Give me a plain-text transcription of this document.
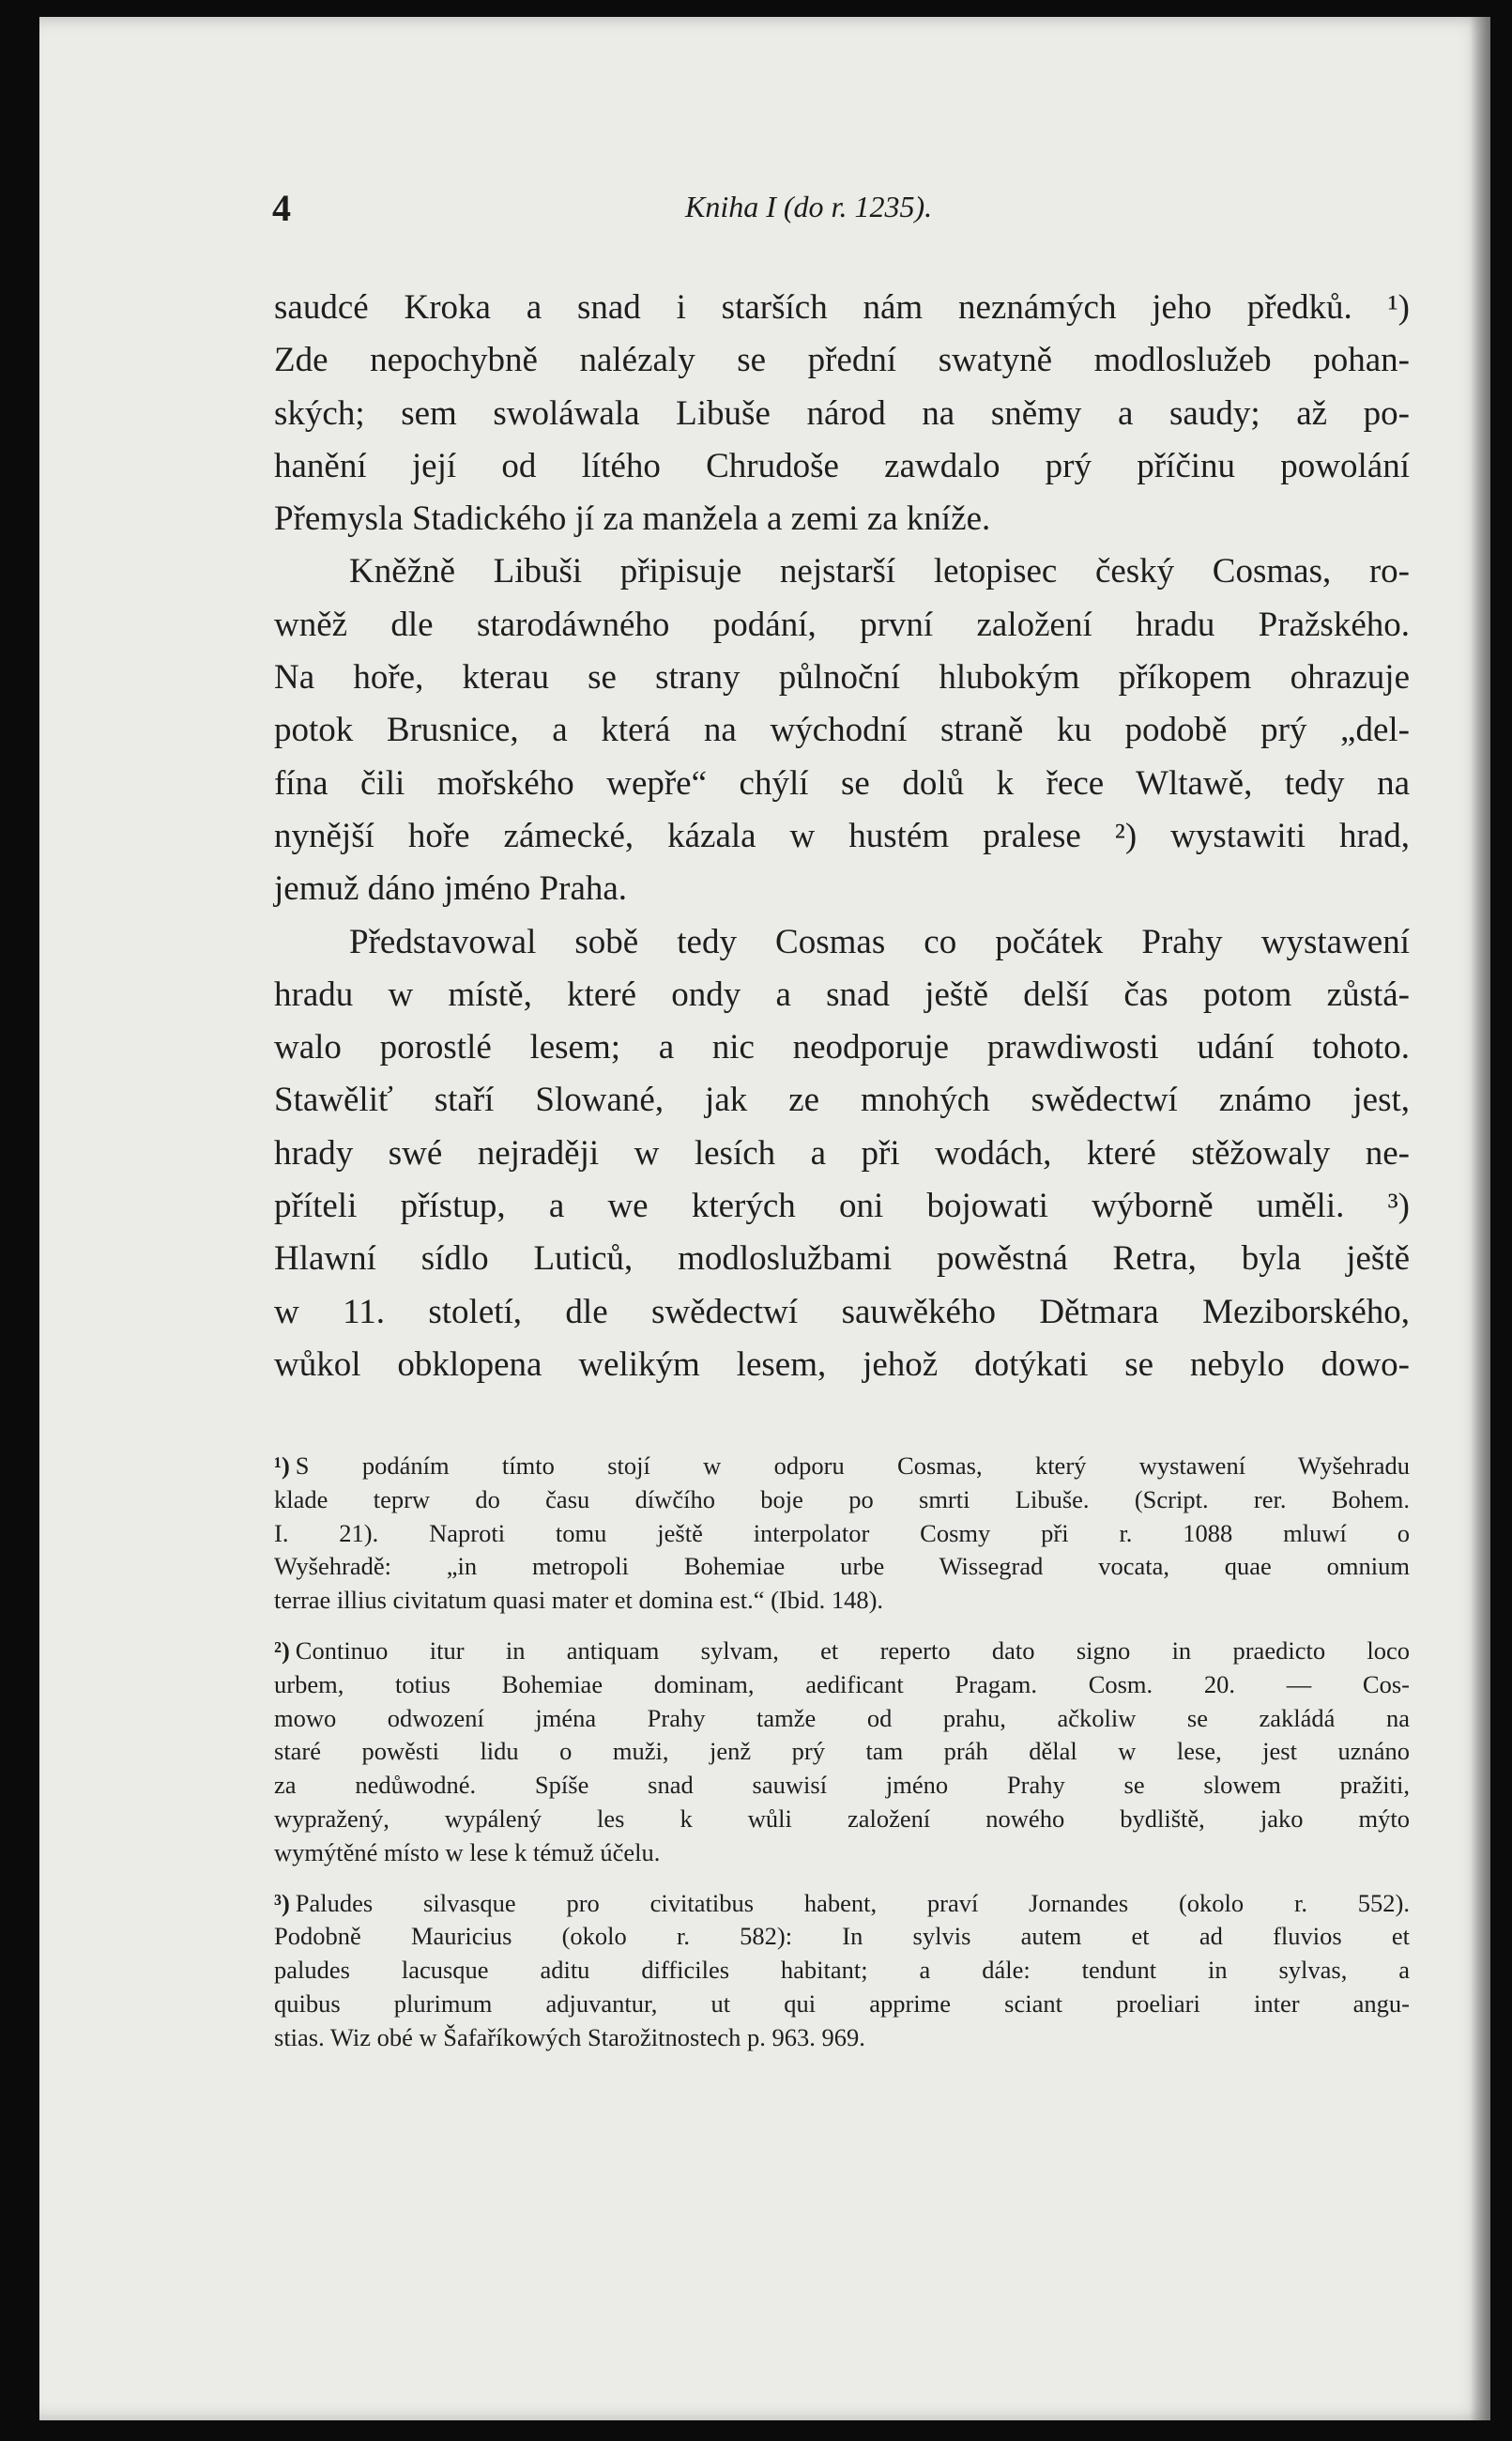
4	Kniha I (do r. 1235).
saudcé Kroka a snad i starších nám neznámých jeho předků. ¹)
Zde nepochybně nalézaly se přední swatyně modloslužeb pohan-
ských; sem swoláwala Libuše národ na sněmy a saudy; až po-
hanění její od lítého Chrudoše zawdalo prý příčinu powolání
Přemysla Stadického jí za manžela a zemi za kníže.
Kněžně Libuši připisuje nejstarší letopisec český Cosmas, ro-
wněž dle starodáwného podání, první založení hradu Pražského.
Na hoře, kterau se strany půlnoční hlubokým příkopem ohrazuje
potok Brusnice, a která na wýchodní straně ku podobě prý „del-
fína čili mořského wepře“ chýlí se dolů k řece Wltawě, tedy na
nynější hoře zámecké, kázala w hustém pralese ²) wystawiti hrad,
jemuž dáno jméno Praha.
Představowal sobě tedy Cosmas co počátek Prahy wystawení
hradu w místě, které ondy a snad ještě delší čas potom zůstá-
walo porostlé lesem; a nic neodporuje prawdiwosti udání tohoto.
Stawěliť staří Slowané, jak ze mnohých swědectwí známo jest,
hrady swé nejraději w lesích a při wodách, které stěžowaly ne-
příteli přístup, a we kterých oni bojowati wýborně uměli. ³)
Hlawní sídlo Luticů, modloslužbami powěstná Retra, byla ještě
w 11. století, dle swědectwí sauwěkého Dětmara Meziborského,
wůkol obklopena welikým lesem, jehož dotýkati se nebylo dowo-
¹) S podáním tímto stojí w odporu Cosmas, který wystawení Wyšehradu
klade teprw do času díwčího boje po smrti Libuše. (Script. rer. Bohem.
I. 21). Naproti tomu ještě interpolator Cosmy při r. 1088 mluwí o
Wyšehradě: „in metropoli Bohemiae urbe Wissegrad vocata, quae omnium
terrae illius civitatum quasi mater et domina est.“ (Ibid. 148).
²) Continuo itur in antiquam sylvam, et reperto dato signo in praedicto loco
urbem, totius Bohemiae dominam, aedificant Pragam. Cosm. 20. — Cos-
mowo odwození jména Prahy tamže od prahu, ačkoliw se zakládá na
staré powěsti lidu o muži, jenž prý tam práh dělal w lese, jest uznáno
za nedůwodné. Spíše snad sauwisí jméno Prahy se slowem pražiti,
wypražený, wypálený les k wůli založení nowého bydliště, jako mýto
wymýtěné místo w lese k témuž účelu.
³) Paludes silvasque pro civitatibus habent, praví Jornandes (okolo r. 552).
Podobně Mauricius (okolo r. 582): In sylvis autem et ad fluvios et
paludes lacusque aditu difficiles habitant; a dále: tendunt in sylvas, a
quibus plurimum adjuvantur, ut qui apprime sciant proeliari inter angu-
stias. Wiz obé w Šafaříkowých Starožitnostech p. 963. 969.
